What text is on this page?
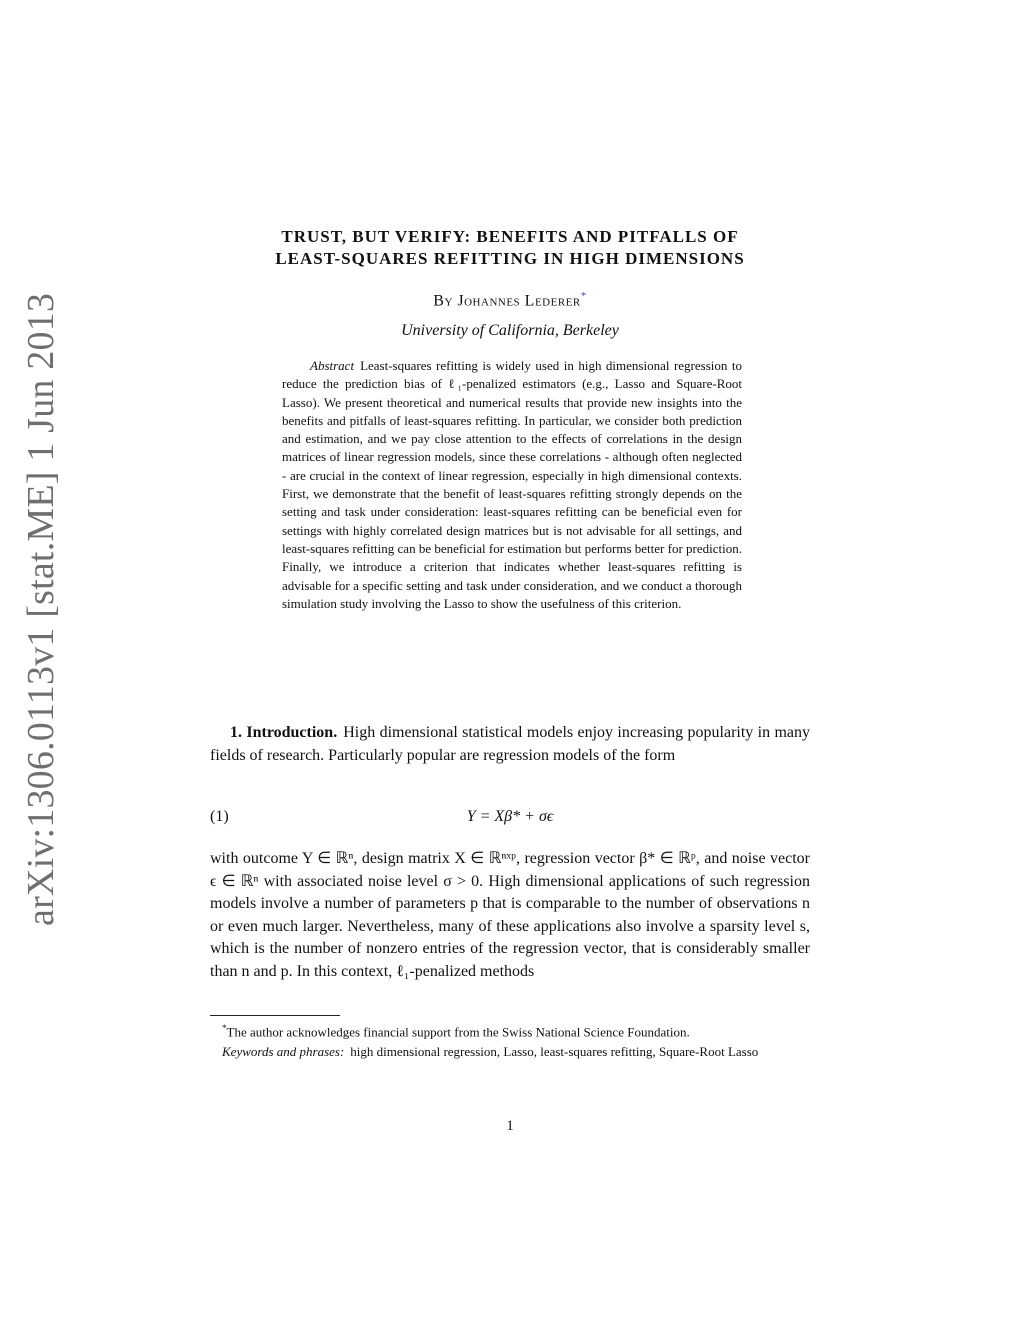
arXiv:1306.0113v1 [stat.ME] 1 Jun 2013
TRUST, BUT VERIFY: BENEFITS AND PITFALLS OF
LEAST-SQUARES REFITTING IN HIGH DIMENSIONS
By Johannes Lederer*
University of California, Berkeley
Abstract Least-squares refitting is widely used in high dimensional regression to reduce the prediction bias of ℓ₁-penalized estimators (e.g., Lasso and Square-Root Lasso). We present theoretical and numerical results that provide new insights into the benefits and pitfalls of least-squares refitting. In particular, we consider both prediction and estimation, and we pay close attention to the effects of correlations in the design matrices of linear regression models, since these correlations - although often neglected - are crucial in the context of linear regression, especially in high dimensional contexts. First, we demonstrate that the benefit of least-squares refitting strongly depends on the setting and task under consideration: least-squares refitting can be beneficial even for settings with highly correlated design matrices but is not advisable for all settings, and least-squares refitting can be beneficial for estimation but performs better for prediction. Finally, we introduce a criterion that indicates whether least-squares refitting is advisable for a specific setting and task under consideration, and we conduct a thorough simulation study involving the Lasso to show the usefulness of this criterion.
1. Introduction. High dimensional statistical models enjoy increasing popularity in many fields of research. Particularly popular are regression models of the form
(1)	Y = Xβ* + σϵ
with outcome Y ∈ ℝⁿ, design matrix X ∈ ℝⁿˣᵖ, regression vector β* ∈ ℝᵖ, and noise vector ϵ ∈ ℝⁿ with associated noise level σ > 0. High dimensional applications of such regression models involve a number of parameters p that is comparable to the number of observations n or even much larger. Nevertheless, many of these applications also involve a sparsity level s, which is the number of nonzero entries of the regression vector, that is considerably smaller than n and p. In this context, ℓ₁-penalized methods

*The author acknowledges financial support from the Swiss National Science Foundation.

Keywords and phrases: high dimensional regression, Lasso, least-squares refitting, Square-Root Lasso

1
